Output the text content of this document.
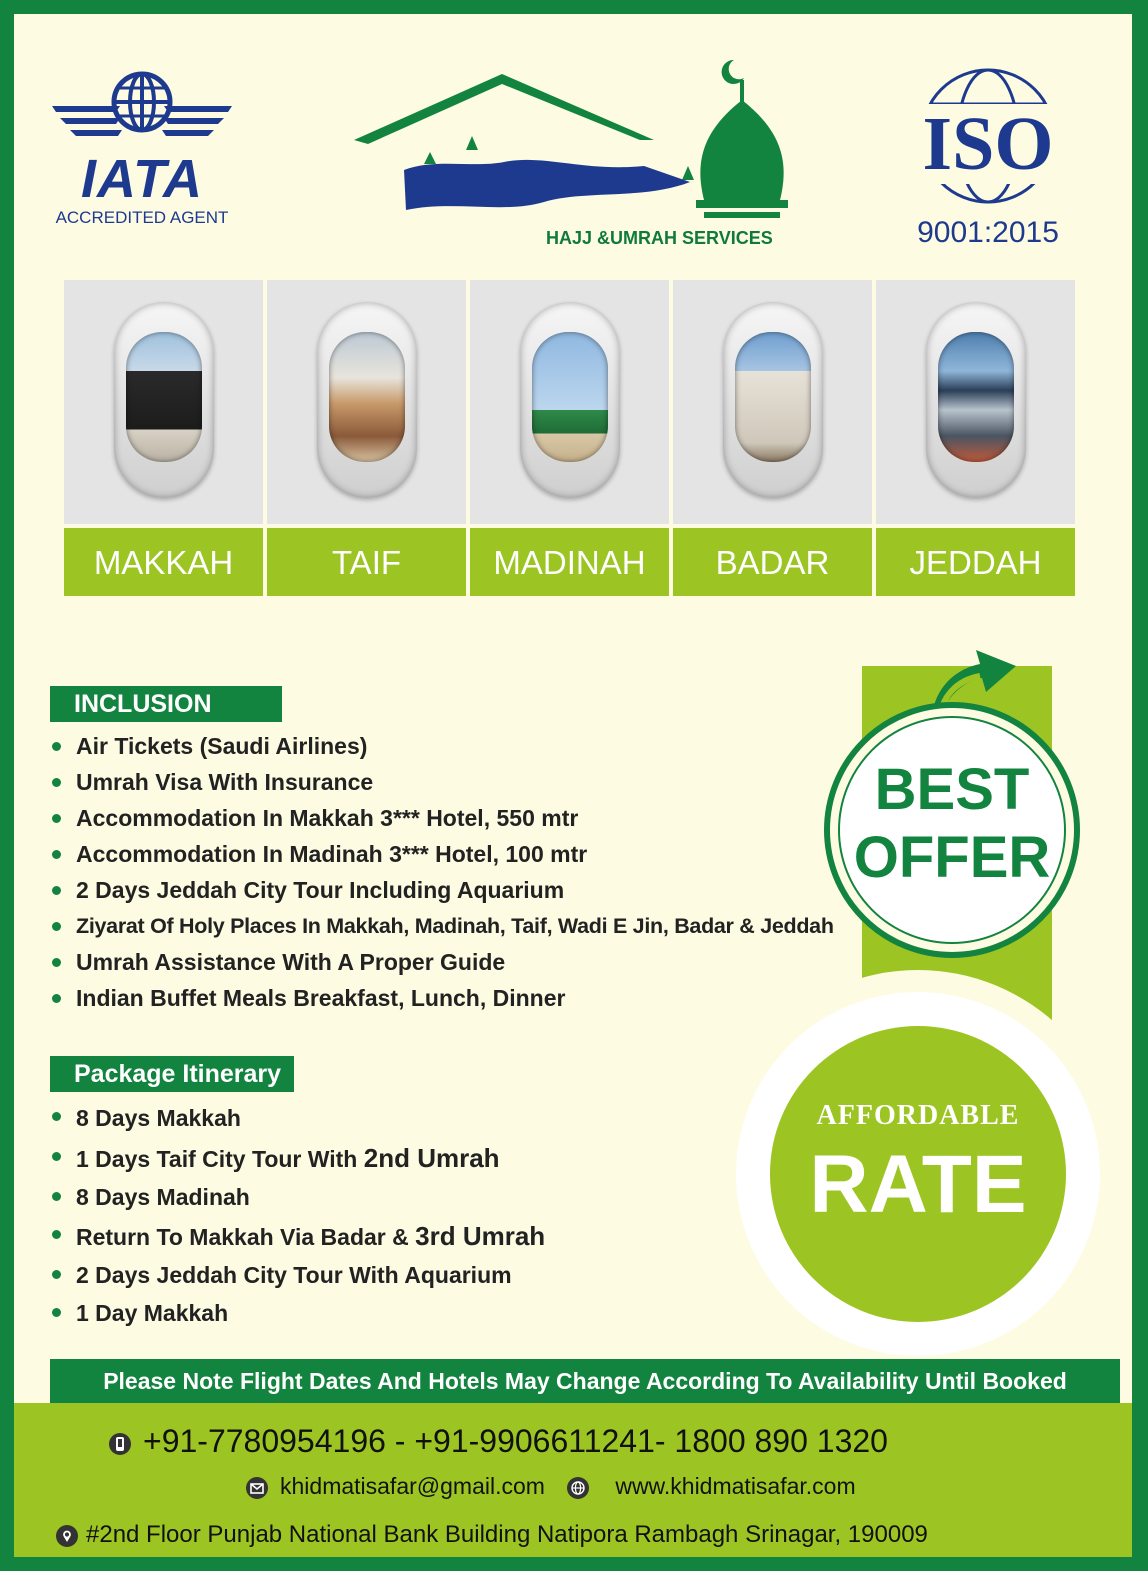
IATA
ACCREDITED AGENT
HAJJ &UMRAH SERVICES
ISO
9001:2015
MAKKAH	TAIF	MADINAH	BADAR	JEDDAH
BEST
OFFER
AFFORDABLE
RATE
INCLUSION
Air Tickets (Saudi Airlines)
Umrah Visa With Insurance
Accommodation In Makkah 3*** Hotel, 550 mtr
Accommodation In Madinah 3*** Hotel, 100 mtr
2 Days Jeddah City Tour Including Aquarium
Ziyarat Of Holy Places In Makkah, Madinah, Taif, Wadi E Jin, Badar & Jeddah
Umrah Assistance With A Proper Guide
Indian Buffet Meals Breakfast, Lunch, Dinner
Package Itinerary
8 Days Makkah
1 Days Taif City Tour With 2nd Umrah
8 Days Madinah
Return To Makkah Via Badar & 3rd Umrah
2 Days Jeddah City Tour With Aquarium
1 Day Makkah
Please Note Flight Dates And Hotels May Change According To Availability Until Booked
+91-7780954196 - +91-9906611241- 1800 890 1320
khidmatisafar@gmail.com	www.khidmatisafar.com
#2nd Floor Punjab National Bank Building Natipora Rambagh Srinagar, 190009
